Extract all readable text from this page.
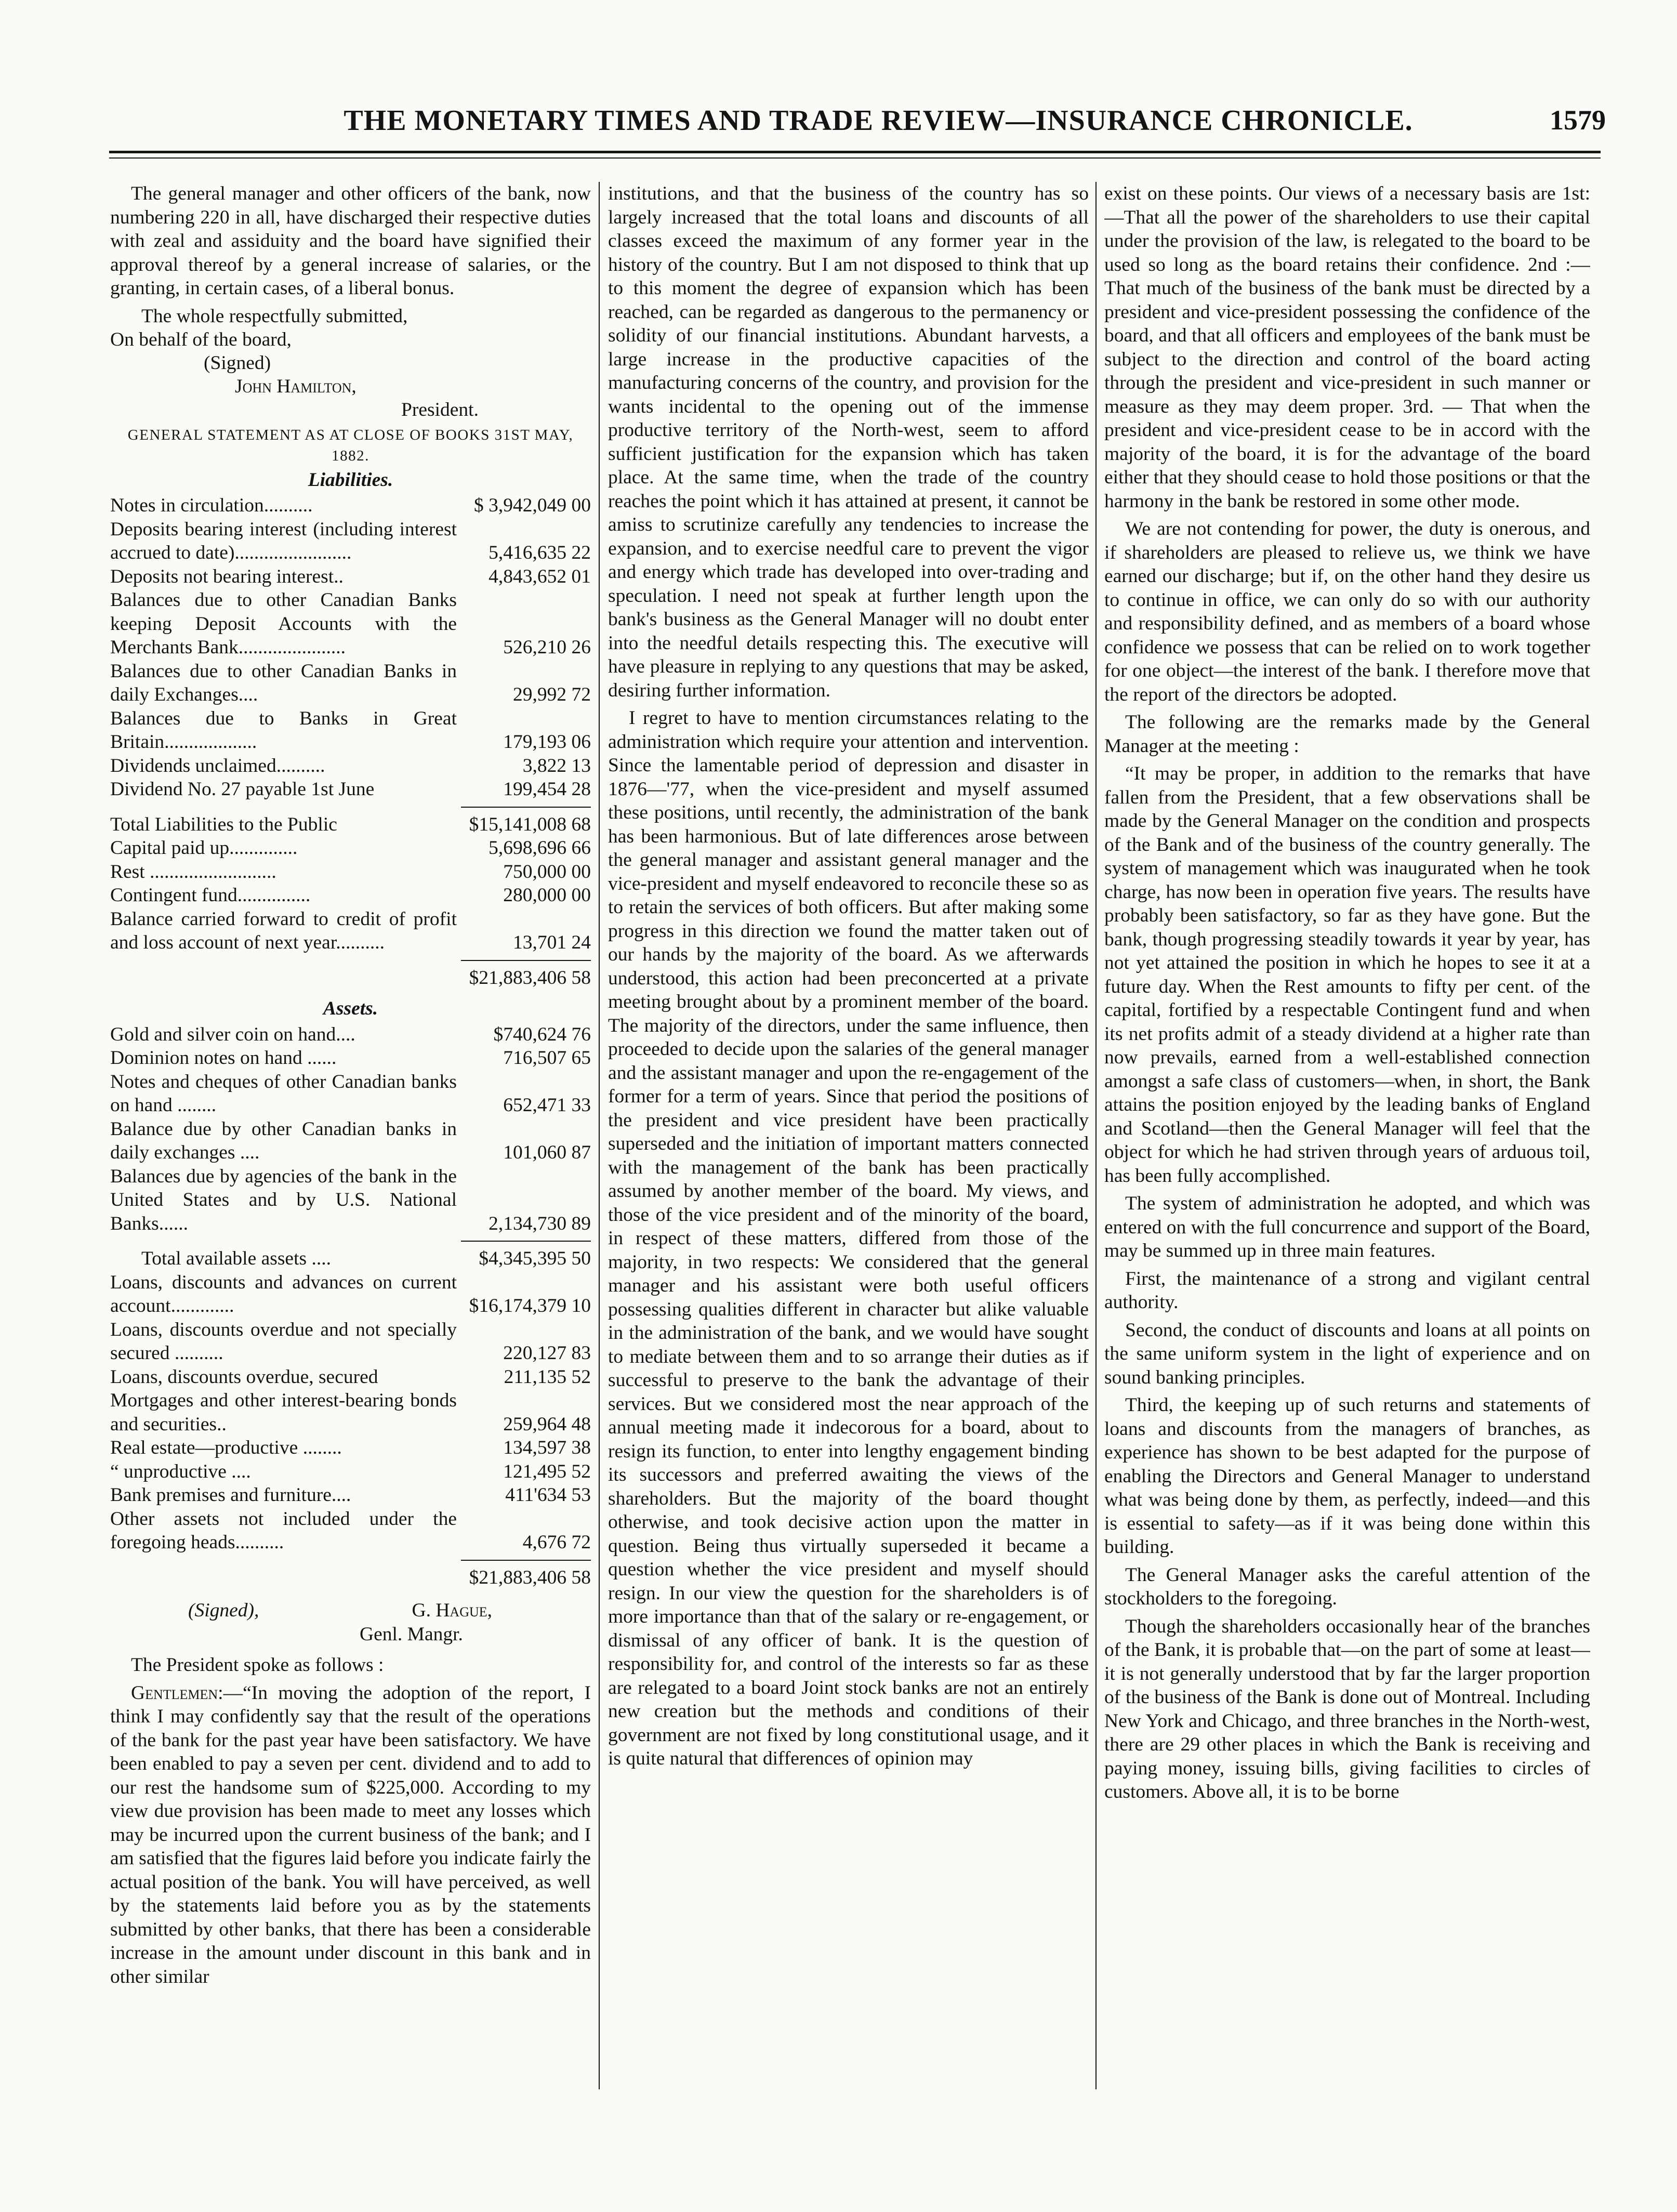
THE MONETARY TIMES AND TRADE REVIEW—INSURANCE CHRONICLE.	1579

The general manager and other officers of the bank, now numbering 220 in all, have discharged their respective duties with zeal and assiduity and the board have signified their approval thereof by a general increase of salaries, or the granting, in certain cases, of a liberal bonus.

The whole respectfully submitted,
On behalf of the board,
(Signed)
John Hamilton,
President.
GENERAL STATEMENT AS AT CLOSE OF BOOKS 31ST MAY, 1882.
Liabilities.
Notes in circulation..........	$ 3,942,049 00
Deposits bearing interest (including interest accrued to date)........................	5,416,635 22
Deposits not bearing interest..	4,843,652 01
Balances due to other Canadian Banks keeping Deposit Accounts with the Merchants Bank......................	526,210 26
Balances due to other Canadian Banks in daily Exchanges....	29,992 72
Balances due to Banks in Great Britain...................	179,193 06
Dividends unclaimed..........	3,822 13
Dividend No. 27 payable 1st June	199,454 28
Total Liabilities to the Public	$15,141,008 68
Capital paid up..............	5,698,696 66
Rest ..........................	750,000 00
Contingent fund...............	280,000 00
Balance carried forward to credit of profit and loss account of next year..........	13,701 24
$21,883,406 58
Assets.
Gold and silver coin on hand....	$740,624 76
Dominion notes on hand ......	716,507 65
Notes and cheques of other Canadian banks on hand ........	652,471 33
Balance due by other Canadian banks in daily exchanges ....	101,060 87
Balances due by agencies of the bank in the United States and by U.S. National Banks......	2,134,730 89
Total available assets ....	$4,345,395 50
Loans, discounts and advances on current account.............	$16,174,379 10
Loans, discounts overdue and not specially secured ..........	220,127 83
Loans, discounts overdue, secured	211,135 52
Mortgages and other interest-bearing bonds and securities..	259,964 48
Real estate—productive ........	134,597 38
“ unproductive ....	121,495 52
Bank premises and furniture....	411'634 53
Other assets not included under the foregoing heads..........	4,676 72
$21,883,406 58
(Signed),	G. Hague,
Genl. Mangr.

The President spoke as follows :

Gentlemen:—“In moving the adoption of the report, I think I may confidently say that the result of the operations of the bank for the past year have been satisfactory. We have been enabled to pay a seven per cent. dividend and to add to our rest the handsome sum of $225,000. According to my view due provision has been made to meet any losses which may be incurred upon the current business of the bank; and I am satisfied that the figures laid before you indicate fairly the actual position of the bank. You will have perceived, as well by the statements laid before you as by the statements submitted by other banks, that there has been a considerable increase in the amount under discount in this bank and in other similar

institutions, and that the business of the country has so largely increased that the total loans and discounts of all classes exceed the maximum of any former year in the history of the country. But I am not disposed to think that up to this moment the degree of expansion which has been reached, can be regarded as dangerous to the permanency or solidity of our financial institutions. Abundant harvests, a large increase in the productive capacities of the manufacturing concerns of the country, and provision for the wants incidental to the opening out of the immense productive territory of the North-west, seem to afford sufficient justification for the expansion which has taken place. At the same time, when the trade of the country reaches the point which it has attained at present, it cannot be amiss to scrutinize carefully any tendencies to increase the expansion, and to exercise needful care to prevent the vigor and energy which trade has developed into over-trading and speculation. I need not speak at further length upon the bank's business as the General Manager will no doubt enter into the needful details respecting this. The executive will have pleasure in replying to any questions that may be asked, desiring further information.

I regret to have to mention circumstances relating to the administration which require your attention and intervention. Since the lamentable period of depression and disaster in 1876—'77, when the vice-president and myself assumed these positions, until recently, the administration of the bank has been harmonious. But of late differences arose between the general manager and assistant general manager and the vice-president and myself endeavored to reconcile these so as to retain the services of both officers. But after making some progress in this direction we found the matter taken out of our hands by the majority of the board. As we afterwards understood, this action had been preconcerted at a private meeting brought about by a prominent member of the board. The majority of the directors, under the same influence, then proceeded to decide upon the salaries of the general manager and the assistant manager and upon the re-engagement of the former for a term of years. Since that period the positions of the president and vice president have been practically superseded and the initiation of important matters connected with the management of the bank has been practically assumed by another member of the board. My views, and those of the vice president and of the minority of the board, in respect of these matters, differed from those of the majority, in two respects: We considered that the general manager and his assistant were both useful officers possessing qualities different in character but alike valuable in the administration of the bank, and we would have sought to mediate between them and to so arrange their duties as if successful to preserve to the bank the advantage of their services. But we considered most the near approach of the annual meeting made it indecorous for a board, about to resign its function, to enter into lengthy engagement binding its successors and preferred awaiting the views of the shareholders. But the majority of the board thought otherwise, and took decisive action upon the matter in question. Being thus virtually superseded it became a question whether the vice president and myself should resign. In our view the question for the shareholders is of more importance than that of the salary or re-engagement, or dismissal of any officer of bank. It is the question of responsibility for, and control of the interests so far as these are relegated to a board Joint stock banks are not an entirely new creation but the methods and conditions of their government are not fixed by long constitutional usage, and it is quite natural that differences of opinion may

exist on these points. Our views of a necessary basis are 1st:—That all the power of the shareholders to use their capital under the provision of the law, is relegated to the board to be used so long as the board retains their confidence. 2nd :—That much of the business of the bank must be directed by a president and vice-president possessing the confidence of the board, and that all officers and employees of the bank must be subject to the direction and control of the board acting through the president and vice-president in such manner or measure as they may deem proper. 3rd. — That when the president and vice-president cease to be in accord with the majority of the board, it is for the advantage of the board either that they should cease to hold those positions or that the harmony in the bank be restored in some other mode.

We are not contending for power, the duty is onerous, and if shareholders are pleased to relieve us, we think we have earned our discharge; but if, on the other hand they desire us to continue in office, we can only do so with our authority and responsibility defined, and as members of a board whose confidence we possess that can be relied on to work together for one object—the interest of the bank. I therefore move that the report of the directors be adopted.

The following are the remarks made by the General Manager at the meeting :

“It may be proper, in addition to the remarks that have fallen from the President, that a few observations shall be made by the General Manager on the condition and prospects of the Bank and of the business of the country generally. The system of management which was inaugurated when he took charge, has now been in operation five years. The results have probably been satisfactory, so far as they have gone. But the bank, though progressing steadily towards it year by year, has not yet attained the position in which he hopes to see it at a future day. When the Rest amounts to fifty per cent. of the capital, fortified by a respectable Contingent fund and when its net profits admit of a steady dividend at a higher rate than now prevails, earned from a well-established connection amongst a safe class of customers—when, in short, the Bank attains the position enjoyed by the leading banks of England and Scotland—then the General Manager will feel that the object for which he had striven through years of arduous toil, has been fully accomplished.

The system of administration he adopted, and which was entered on with the full concurrence and support of the Board, may be summed up in three main features.

First, the maintenance of a strong and vigilant central authority.

Second, the conduct of discounts and loans at all points on the same uniform system in the light of experience and on sound banking principles.

Third, the keeping up of such returns and statements of loans and discounts from the managers of branches, as experience has shown to be best adapted for the purpose of enabling the Directors and General Manager to understand what was being done by them, as perfectly, indeed—and this is essential to safety—as if it was being done within this building.

The General Manager asks the careful attention of the stockholders to the foregoing.

Though the shareholders occasionally hear of the branches of the Bank, it is probable that—on the part of some at least—it is not generally understood that by far the larger proportion of the business of the Bank is done out of Montreal. Including New York and Chicago, and three branches in the North-west, there are 29 other places in which the Bank is receiving and paying money, issuing bills, giving facilities to circles of customers. Above all, it is to be borne
